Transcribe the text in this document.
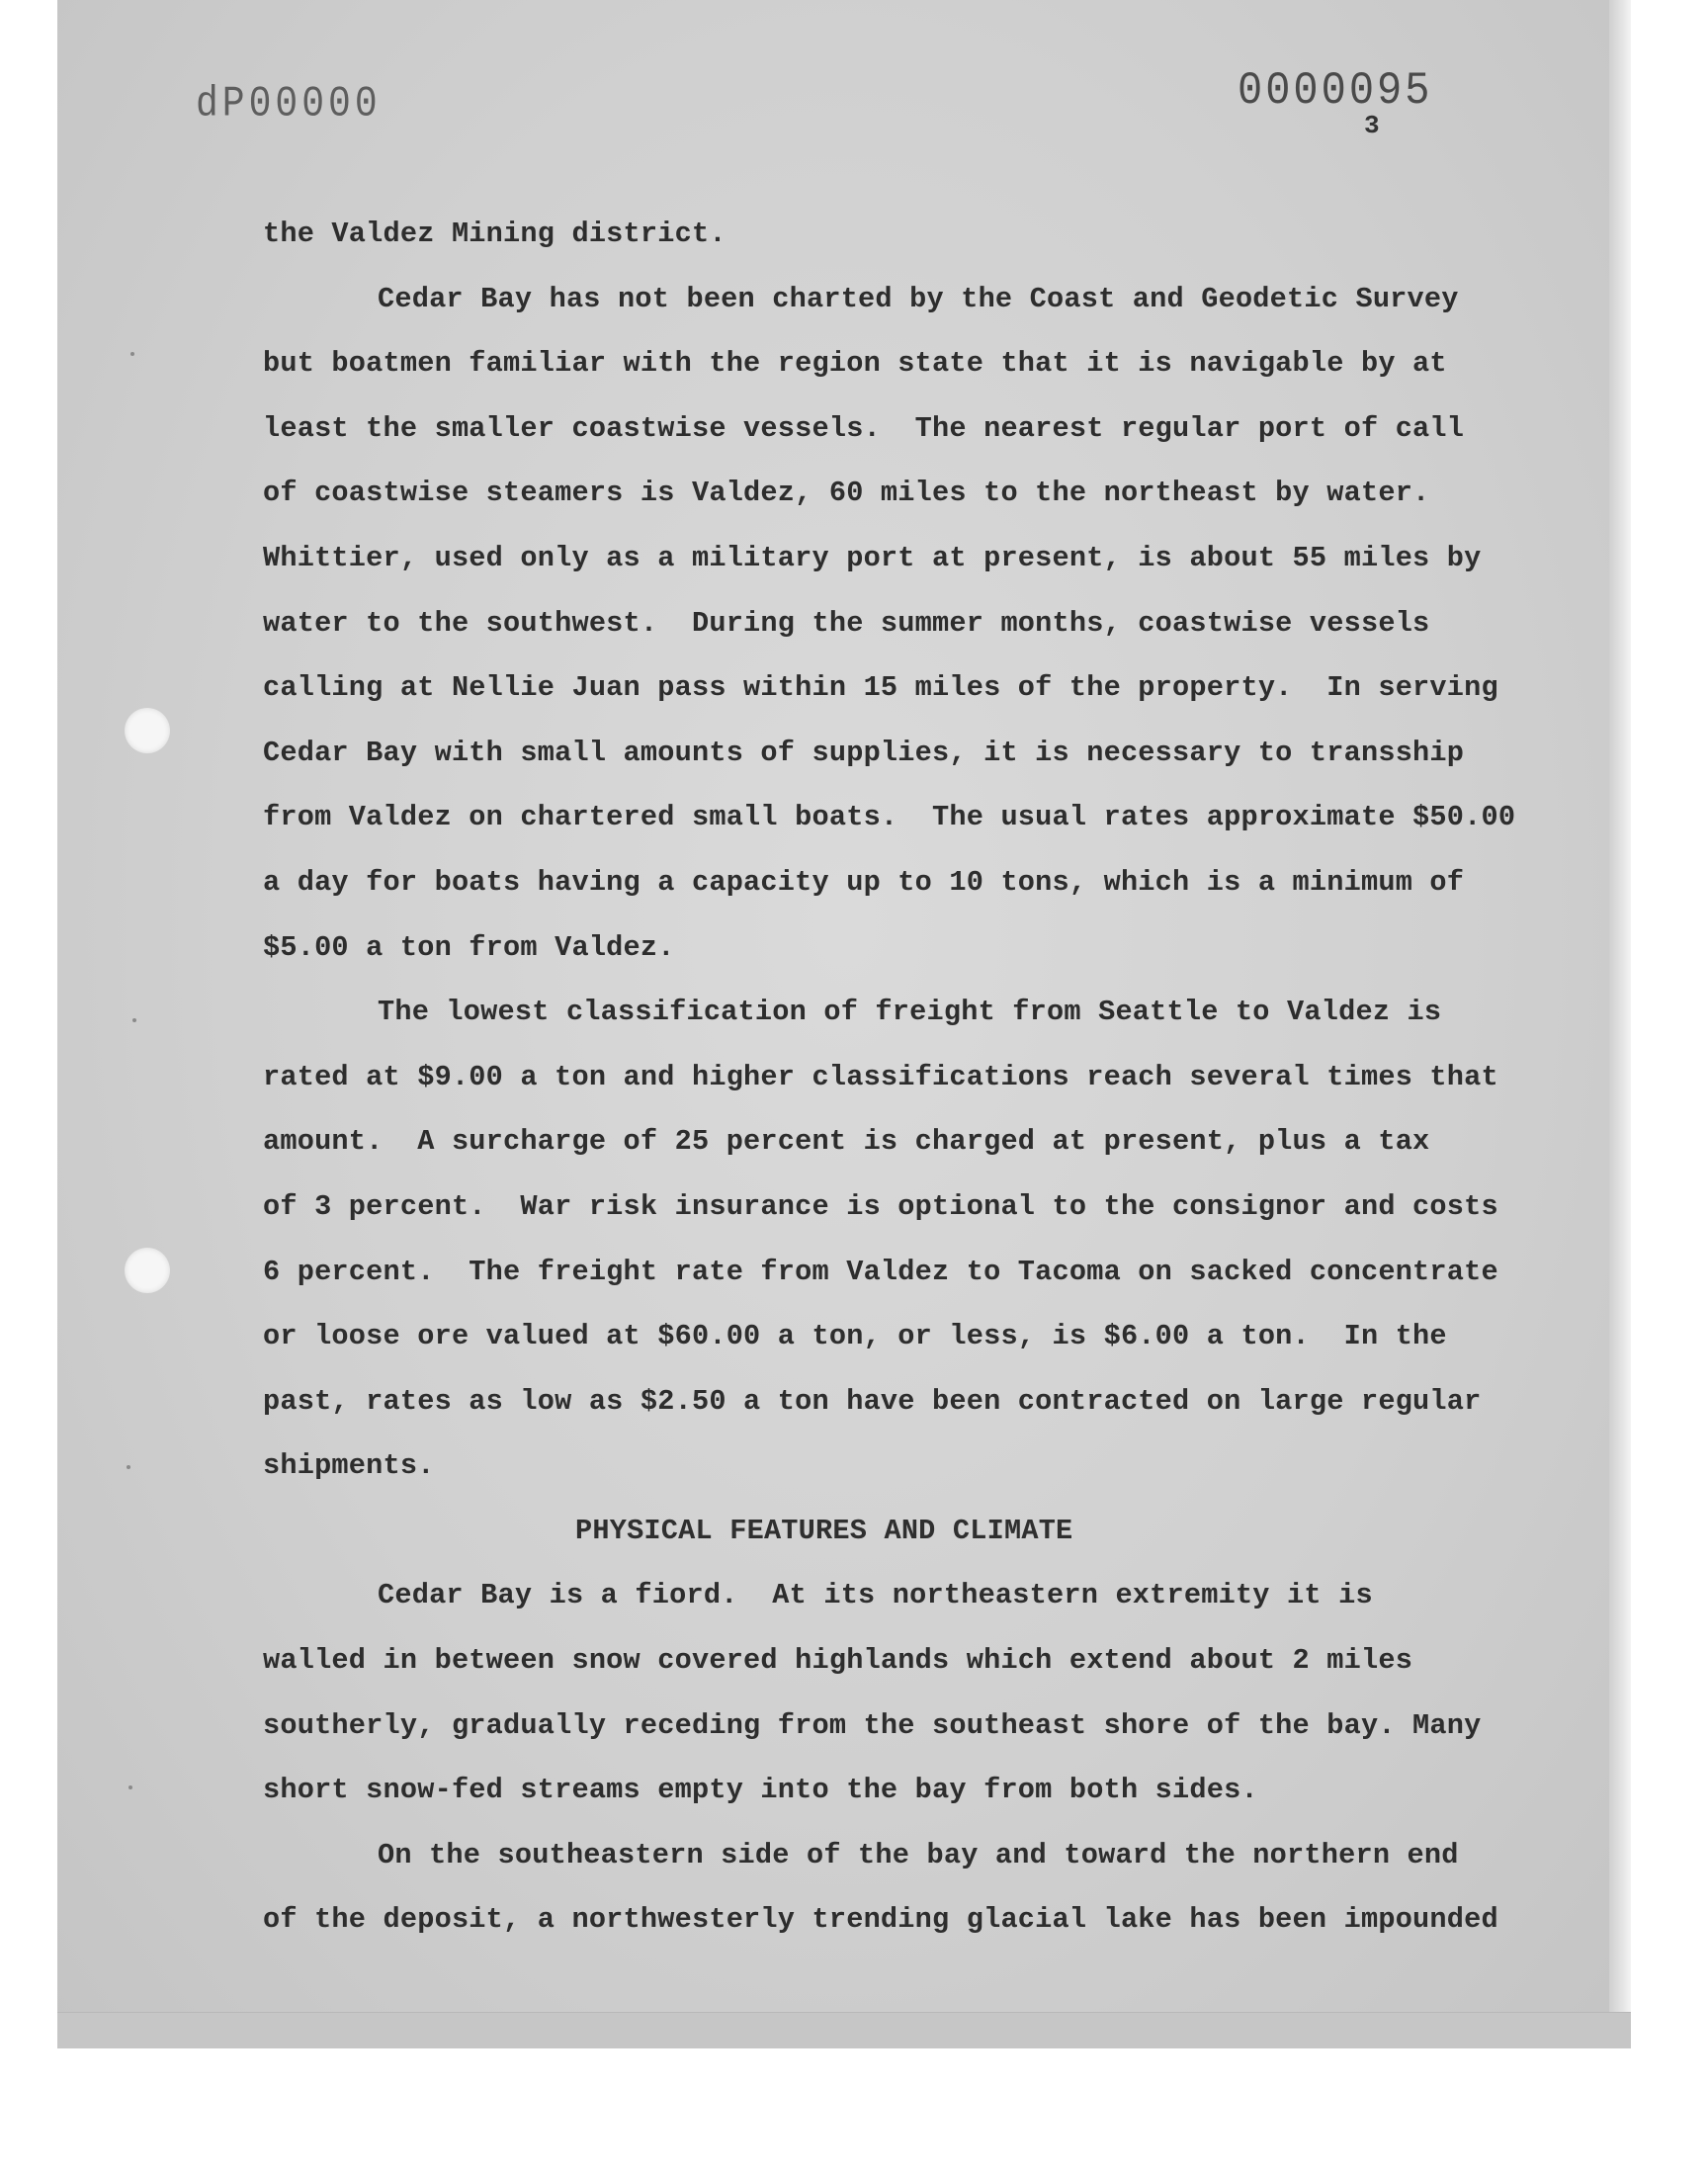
dP00000	0000095
3
the Valdez Mining district.
Cedar Bay has not been charted by the Coast and Geodetic Survey
but boatmen familiar with the region state that it is navigable by at
least the smaller coastwise vessels.  The nearest regular port of call
of coastwise steamers is Valdez, 60 miles to the northeast by water.
Whittier, used only as a military port at present, is about 55 miles by
water to the southwest.  During the summer months, coastwise vessels
calling at Nellie Juan pass within 15 miles of the property.  In serving
Cedar Bay with small amounts of supplies, it is necessary to transship
from Valdez on chartered small boats.  The usual rates approximate $50.00
a day for boats having a capacity up to 10 tons, which is a minimum of
$5.00 a ton from Valdez.
The lowest classification of freight from Seattle to Valdez is
rated at $9.00 a ton and higher classifications reach several times that
amount.  A surcharge of 25 percent is charged at present, plus a tax
of 3 percent.  War risk insurance is optional to the consignor and costs
6 percent.  The freight rate from Valdez to Tacoma on sacked concentrate
or loose ore valued at $60.00 a ton, or less, is $6.00 a ton.  In the
past, rates as low as $2.50 a ton have been contracted on large regular
shipments.
PHYSICAL FEATURES AND CLIMATE
Cedar Bay is a fiord.  At its northeastern extremity it is
walled in between snow covered highlands which extend about 2 miles
southerly, gradually receding from the southeast shore of the bay. Many
short snow-fed streams empty into the bay from both sides.
On the southeastern side of the bay and toward the northern end
of the deposit, a northwesterly trending glacial lake has been impounded
